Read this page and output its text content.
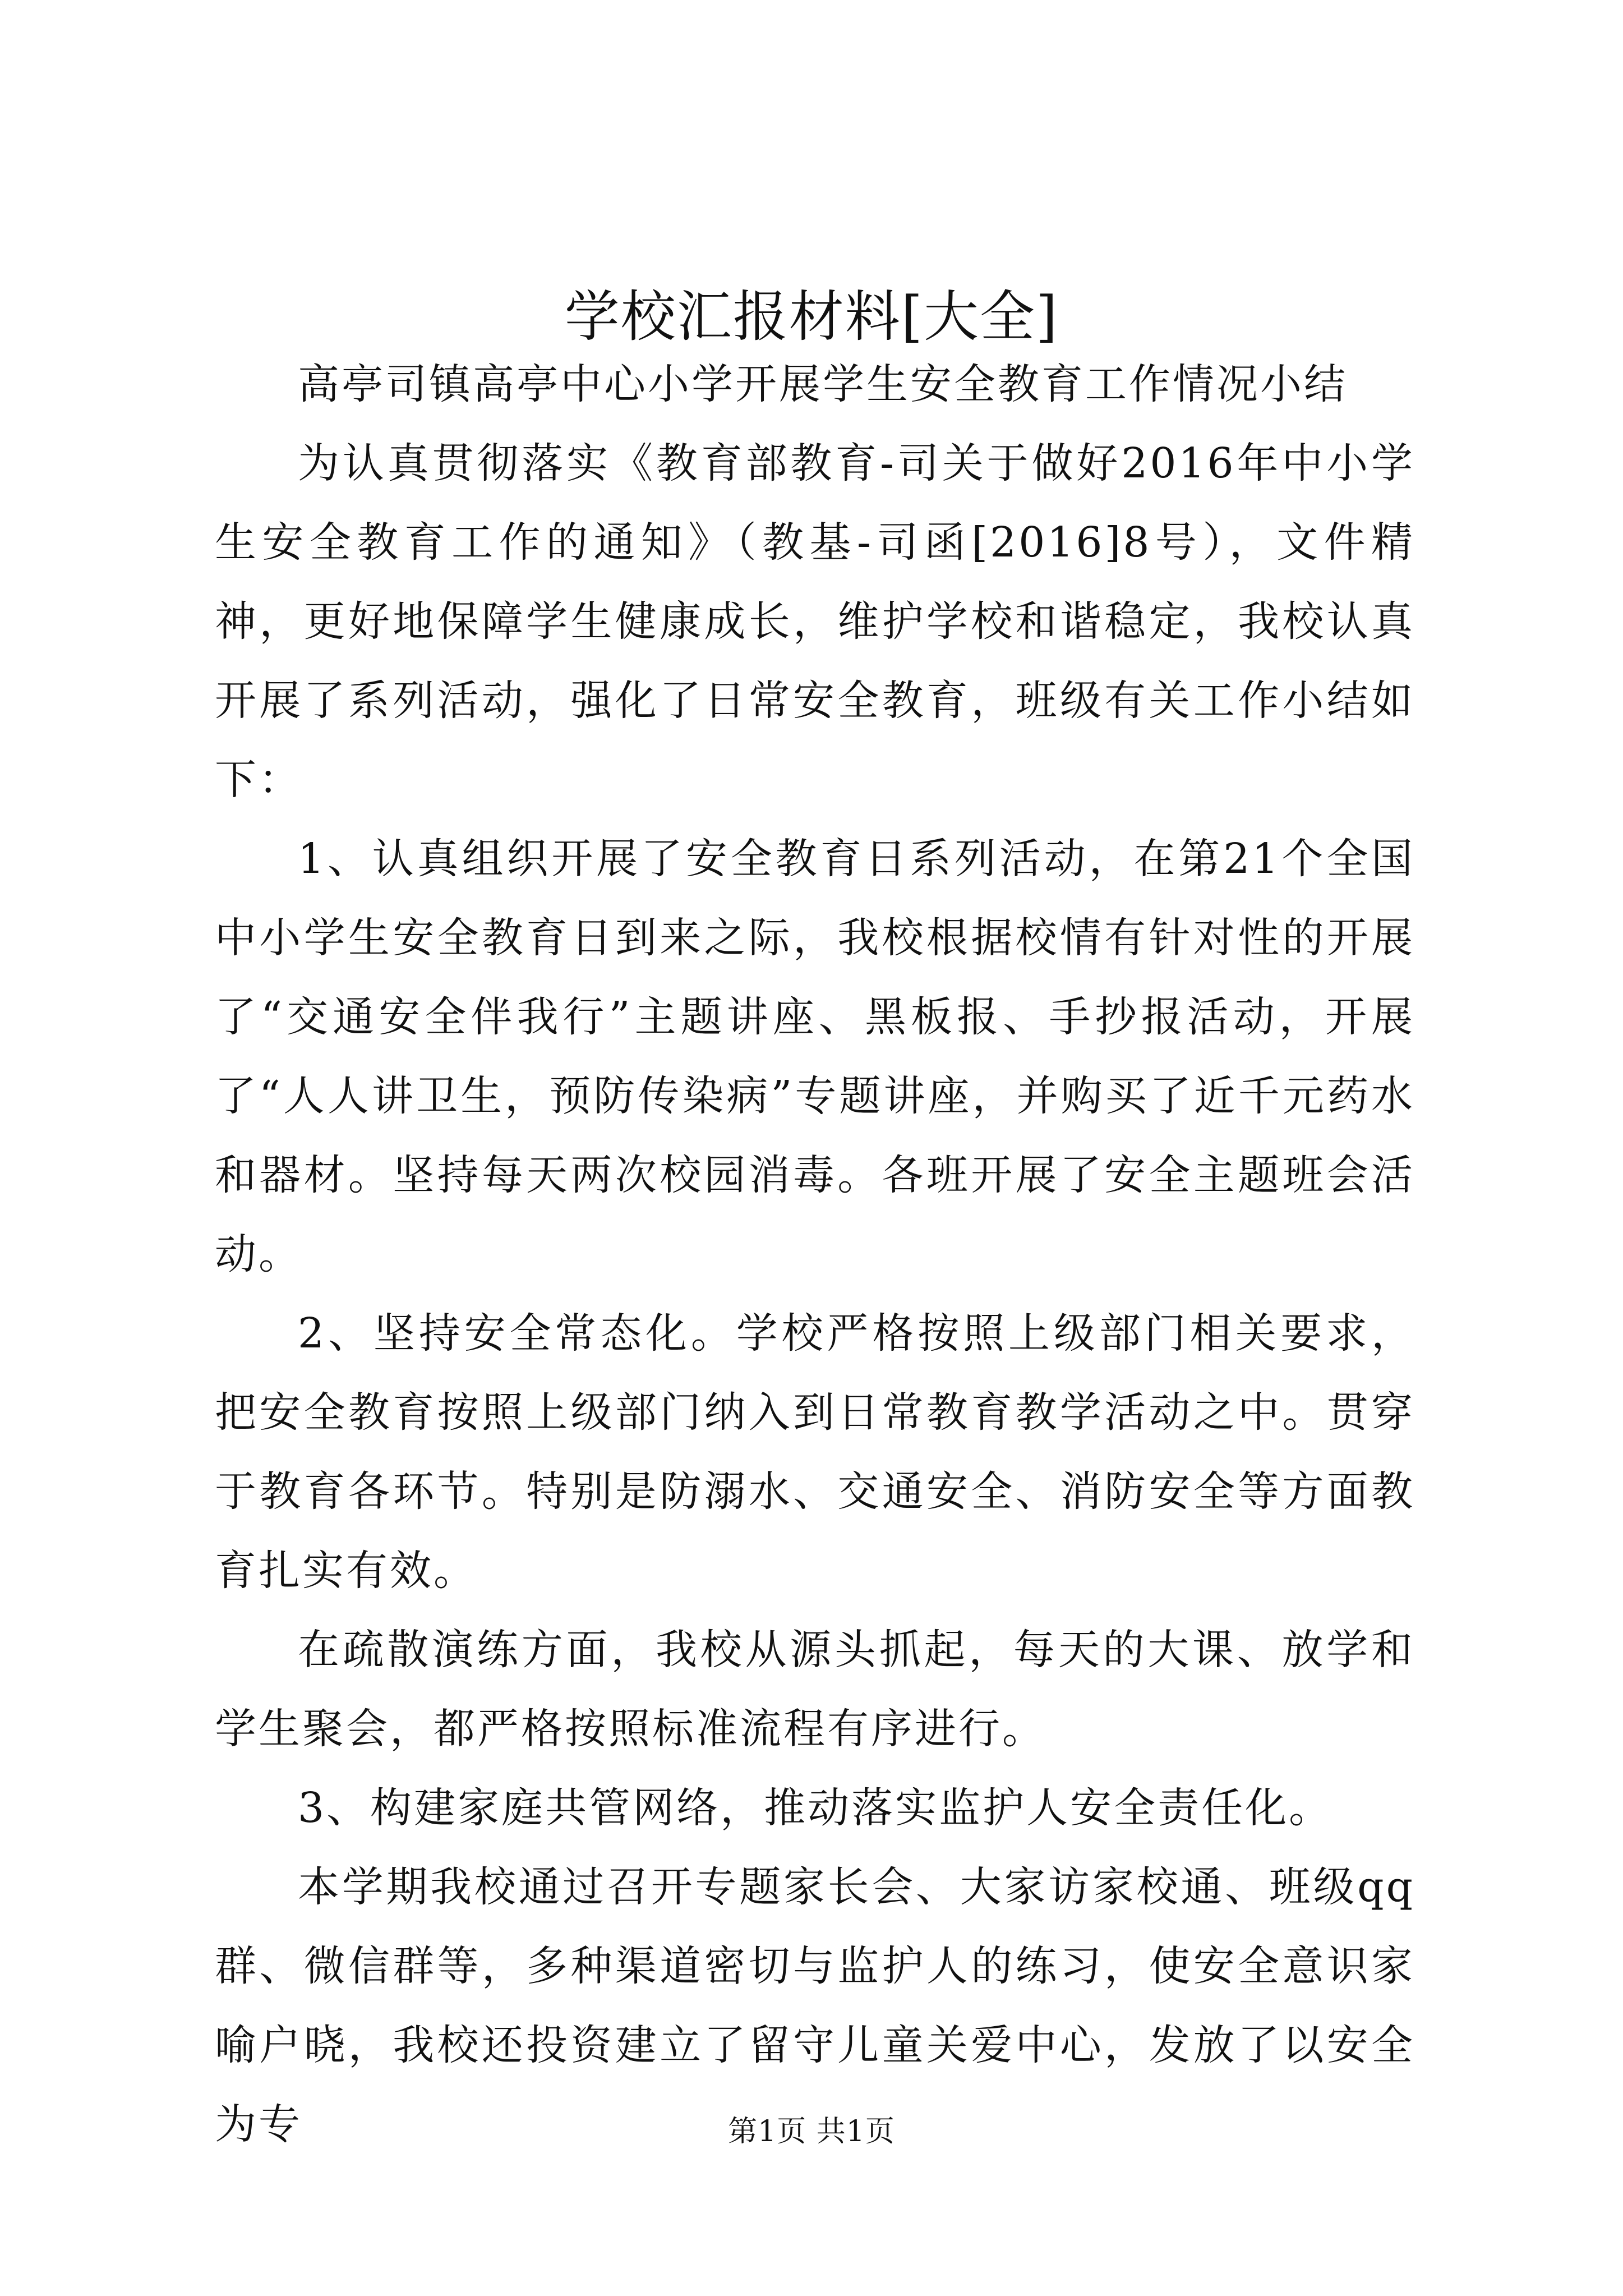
学校汇报材料[大全]

高亭司镇高亭中心小学开展学生安全教育工作情况小结

为认真贯彻落实《教育部教育-司关于做好2016年中小学生安全教育工作的通知》（教基-司函[2016]8号），文件精神，更好地保障学生健康成长，维护学校和谐稳定，我校认真开展了系列活动，强化了日常安全教育，班级有关工作小结如下：

1、认真组织开展了安全教育日系列活动，在第21个全国中小学生安全教育日到来之际，我校根据校情有针对性的开展了“交通安全伴我行”主题讲座、黑板报、手抄报活动，开展了“人人讲卫生，预防传染病”专题讲座，并购买了近千元药水和器材。坚持每天两次校园消毒。各班开展了安全主题班会活动。

2、坚持安全常态化。学校严格按照上级部门相关要求，把安全教育按照上级部门纳入到日常教育教学活动之中。贯穿于教育各环节。特别是防溺水、交通安全、消防安全等方面教育扎实有效。

在疏散演练方面，我校从源头抓起，每天的大课、放学和学生聚会，都严格按照标准流程有序进行。

3、构建家庭共管网络，推动落实监护人安全责任化。

本学期我校通过召开专题家长会、大家访家校通、班级qq群、微信群等，多种渠道密切与监护人的练习，使安全意识家喻户晓，我校还投资建立了留守儿童关爱中心，发放了以安全为专	第1页 共1页
